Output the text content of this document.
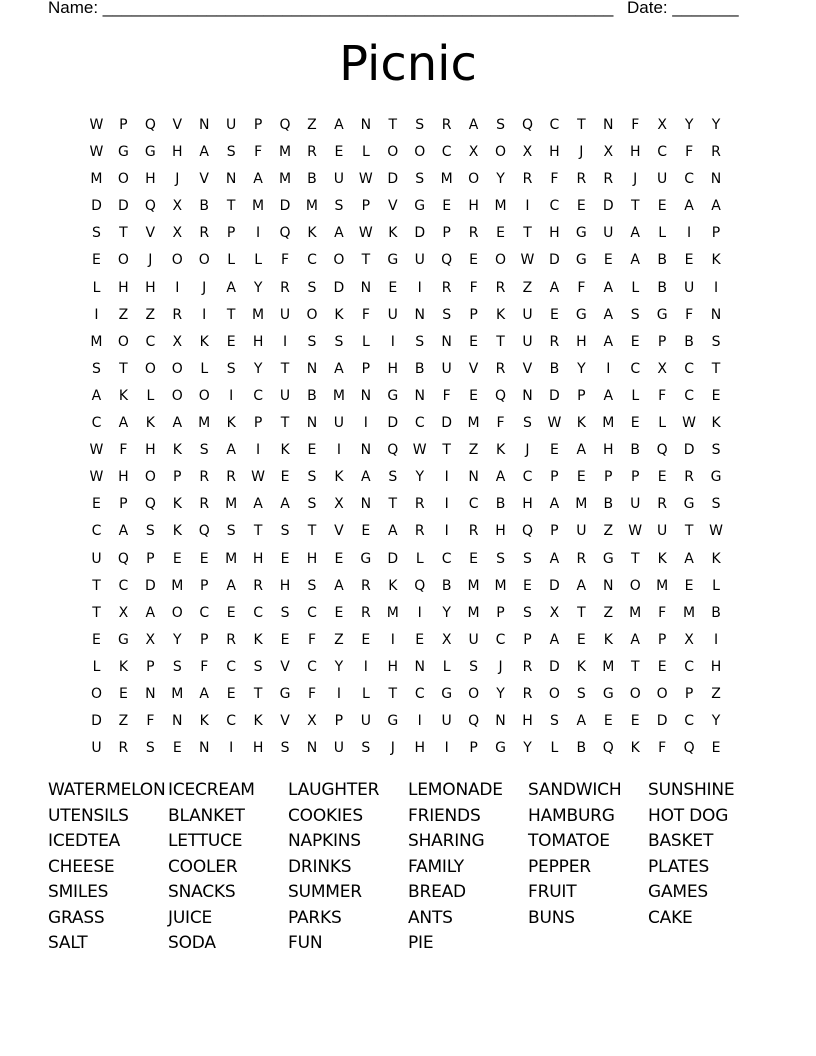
Name: ______________________________________________________ Date: _______
Picnic
W P Q V N U P Q Z A N T S R A S Q C T N F X Y Y
W G G H A S F M R E L O O C X O X H J X H C F R
M O H J V N A M B U W D S M O Y R F R R J U C N
D D Q X B T M D M S P V G E H M I C E D T E A A
S T V X R P I Q K A W K D P R E T H G U A L I P
E O J O O L L F C O T G U Q E O W D G E A B E K
L H H I J A Y R S D N E I R F R Z A F A L B U I
I Z Z R I T M U O K F U N S P K U E G A S G F N
M O C X K E H I S S L I S N E T U R H A E P B S
S T O O L S Y T N A P H B U V R V B Y I C X C T
A K L O O I C U B M N G N F E Q N D P A L F C E
C A K A M K P T N U I D C D M F S W K M E L W K
W F H K S A I K E I N Q W T Z K J E A H B Q D S
W H O P R R W E S K A S Y I N A C P E P P E R G
E P Q K R M A A S X N T R I C B H A M B U R G S
C A S K Q S T S T V E A R I R H Q P U Z W U T W
U Q P E E M H E H E G D L C E S S A R G T K A K
T C D M P A R H S A R K Q B M M E D A N O M E L
T X A O C E C S C E R M I Y M P S X T Z M F M B
E G X Y P R K E F Z E I E X U C P A E K A P X I
L K P S F C S V C Y I H N L S J R D K M T E C H
O E N M A E T G F I L T C G O Y R O S G O O P Z
D Z F N K C K V X P U G I U Q N H S A E E D C Y
U R S E N I H S N U S J H I P G Y L B Q K F Q E
WATERMELON ICECREAM LAUGHTER LEMONADE SANDWICH SUNSHINE
UTENSILS BLANKET	COOKIES	FRIENDS	HAMBURG HOT DOG
ICEDTEA	LETTUCE	NAPKINS	SHARING	TOMATOE BASKET
CHEESE	COOLER	DRINKS	FAMILY	PEPPER	PLATES
SMILES	SNACKS	SUMMER	BREAD	FRUIT	GAMES
GRASS	JUICE	PARKS	ANTS	BUNS	CAKE
SALT	SODA	FUN	PIE
